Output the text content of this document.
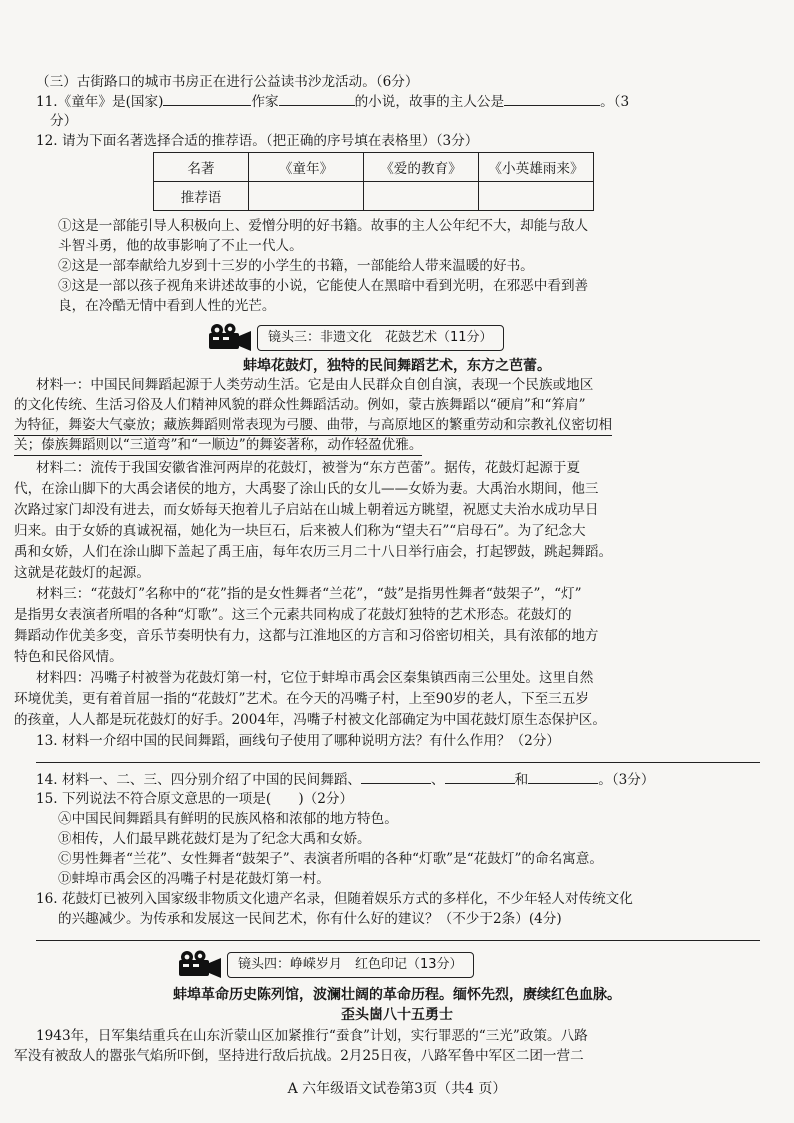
（三）古街路口的城市书房正在进行公益读书沙龙活动。（6分）
11.《童年》是(国家)	作家	的小说，故事的主人公是	。（3
分）
12. 请为下面名著选择合适的推荐语。（把正确的序号填在表格里）（3分）
名著	《童年》	《爱的教育》	《小英雄雨来》
推荐语			
①这是一部能引导人积极向上、爱憎分明的好书籍。故事的主人公年纪不大，却能与敌人
斗智斗勇，他的故事影响了不止一代人。
②这是一部奉献给九岁到十三岁的小学生的书籍，一部能给人带来温暖的好书。
③这是一部以孩子视角来讲述故事的小说，它能使人在黑暗中看到光明，在邪恶中看到善
良，在冷酷无情中看到人性的光芒。
镜头三：非遗文化　花鼓艺术（11分）
蚌埠花鼓灯，独特的民间舞蹈艺术，东方之芭蕾。
材料一：中国民间舞蹈起源于人类劳动生活。它是由人民群众自创自演，表现一个民族或地区
的文化传统、生活习俗及人们精神风貌的群众性舞蹈活动。例如，蒙古族舞蹈以“硬肩”和“笲肩”
为特征，舞姿大气豪放；藏族舞蹈则常表现为弓腰、曲带，与高原地区的繁重劳动和宗教礼仪密切相
关；傣族舞蹈则以“三道弯”和“一顺边”的舞姿著称，动作轻盈优雅。
材料二：流传于我国安徽省淮河两岸的花鼓灯，被誉为“东方芭蕾”。据传，花鼓灯起源于夏
代，在涂山脚下的大禹会诸侯的地方，大禹娶了涂山氏的女儿——女娇为妻。大禹治水期间，他三
次路过家门却没有进去，而女娇每天抱着儿子启站在山城上朝着远方眺望，祝愿丈夫治水成功早日
归来。由于女娇的真诚祝福，她化为一块巨石，后来被人们称为“望夫石”“启母石”。为了纪念大
禹和女娇，人们在涂山脚下盖起了禹王庙，每年农历三月二十八日举行庙会，打起锣鼓，跳起舞蹈。
这就是花鼓灯的起源。
材料三：“花鼓灯”名称中的“花”指的是女性舞者“兰花”，“鼓”是指男性舞者“鼓架子”，“灯”
是指男女表演者所唱的各种“灯歌”。这三个元素共同构成了花鼓灯独特的艺术形态。花鼓灯的
舞蹈动作优美多变，音乐节奏明快有力，这都与江淮地区的方言和习俗密切相关，具有浓郁的地方
特色和民俗风情。
材料四：冯嘴子村被誉为花鼓灯第一村，它位于蚌埠市禹会区秦集镇西南三公里处。这里自然
环境优美，更有着首屈一指的“花鼓灯”艺术。在今天的冯嘴子村，上至90岁的老人，下至三五岁
的孩童，人人都是玩花鼓灯的好手。2004年，冯嘴子村被文化部确定为中国花鼓灯原生态保护区。
13. 材料一介绍中国的民间舞蹈，画线句子使用了哪种说明方法？有什么作用？（2分）
14. 材料一、二、三、四分别介绍了中国的民间舞蹈、	、	和	。（3分）
15. 下列说法不符合原文意思的一项是(　　)（2分）
Ⓐ中国民间舞蹈具有鲜明的民族风格和浓郁的地方特色。
Ⓑ相传，人们最早跳花鼓灯是为了纪念大禹和女娇。
Ⓒ男性舞者“兰花”、女性舞者“鼓架子”、表演者所唱的各种“灯歌”是“花鼓灯”的命名寓意。
Ⓓ蚌埠市禹会区的冯嘴子村是花鼓灯第一村。
16. 花鼓灯已被列入国家级非物质文化遗产名录，但随着娱乐方式的多样化，不少年轻人对传统文化
的兴趣减少。为传承和发展这一民间艺术，你有什么好的建议？（不少于2条）(4分)
镜头四：峥嵘岁月　红色印记（13分）
蚌埠革命历史陈列馆，波澜壮阔的革命历程。缅怀先烈，赓续红色血脉。
歪头崮八十五勇士
1943年，日军集结重兵在山东沂蒙山区加紧推行“蚕食”计划，实行罪恶的“三光”政策。八路
军没有被敌人的嚣张气焰所吓倒，坚持进行敌后抗战。2月25日夜，八路军鲁中军区二团一营二
A 六年级语文试卷第3页（共4 页）
